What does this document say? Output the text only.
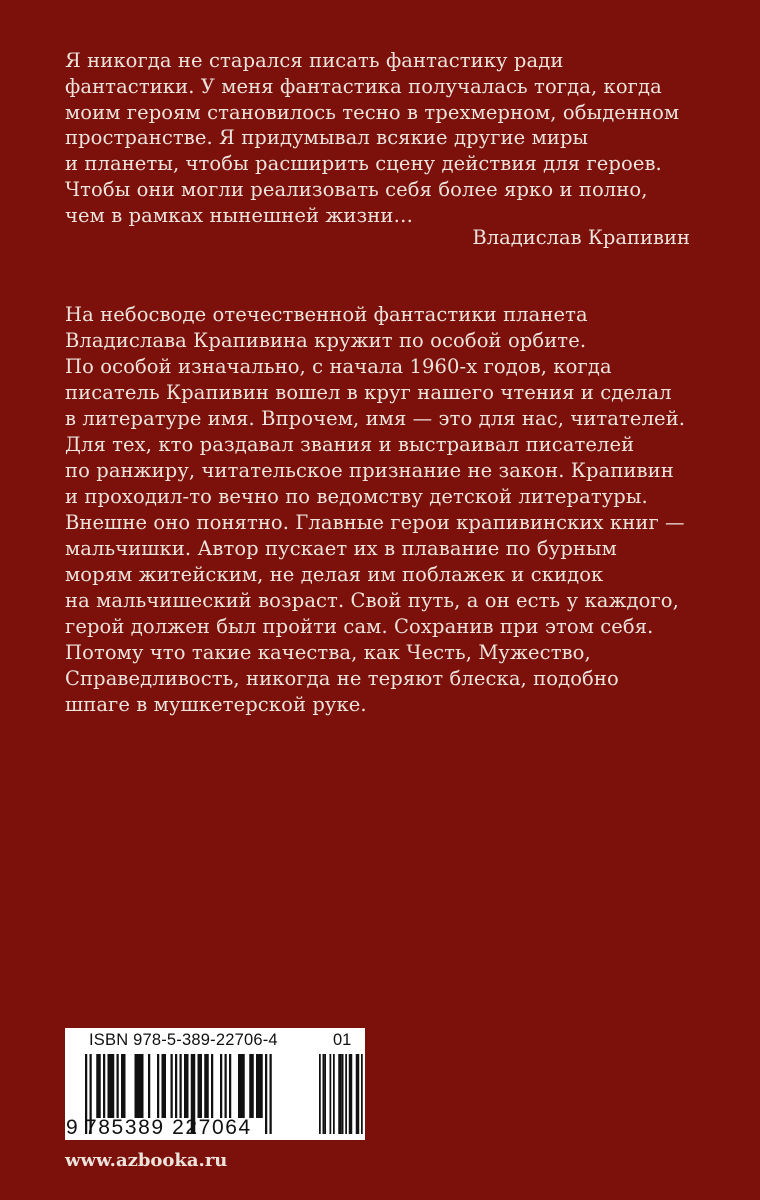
Я никогда не старался писать фантастику ради
фантастики. У меня фантастика получалась тогда, когда
моим героям становилось тесно в трехмерном, обыденном
пространстве. Я придумывал всякие другие миры
и планеты, чтобы расширить сцену действия для героев.
Чтобы они могли реализовать себя более ярко и полно,
чем в рамках нынешней жизни…
Владислав Крапивин
На небосводе отечественной фантастики планета
Владислава Крапивина кружит по особой орбите.
По особой изначально, с начала 1960-х годов, когда
писатель Крапивин вошел в круг нашего чтения и сделал
в литературе имя. Впрочем, имя — это для нас, читателей.
Для тех, кто раздавал звания и выстраивал писателей
по ранжиру, читательское признание не закон. Крапивин
и проходил-то вечно по ведомству детской литературы.
Внешне оно понятно. Главные герои крапивинских книг —
мальчишки. Автор пускает их в плавание по бурным
морям житейским, не делая им поблажек и скидок
на мальчишеский возраст. Свой путь, а он есть у каждого,
герой должен был пройти сам. Сохранив при этом себя.
Потому что такие качества, как Честь, Мужество,
Справедливость, никогда не теряют блеска, подобно
шпаге в мушкетерской руке.
ISBN 978-5-389-22706-4	01
9 785389 227064
www.azbooka.ru
